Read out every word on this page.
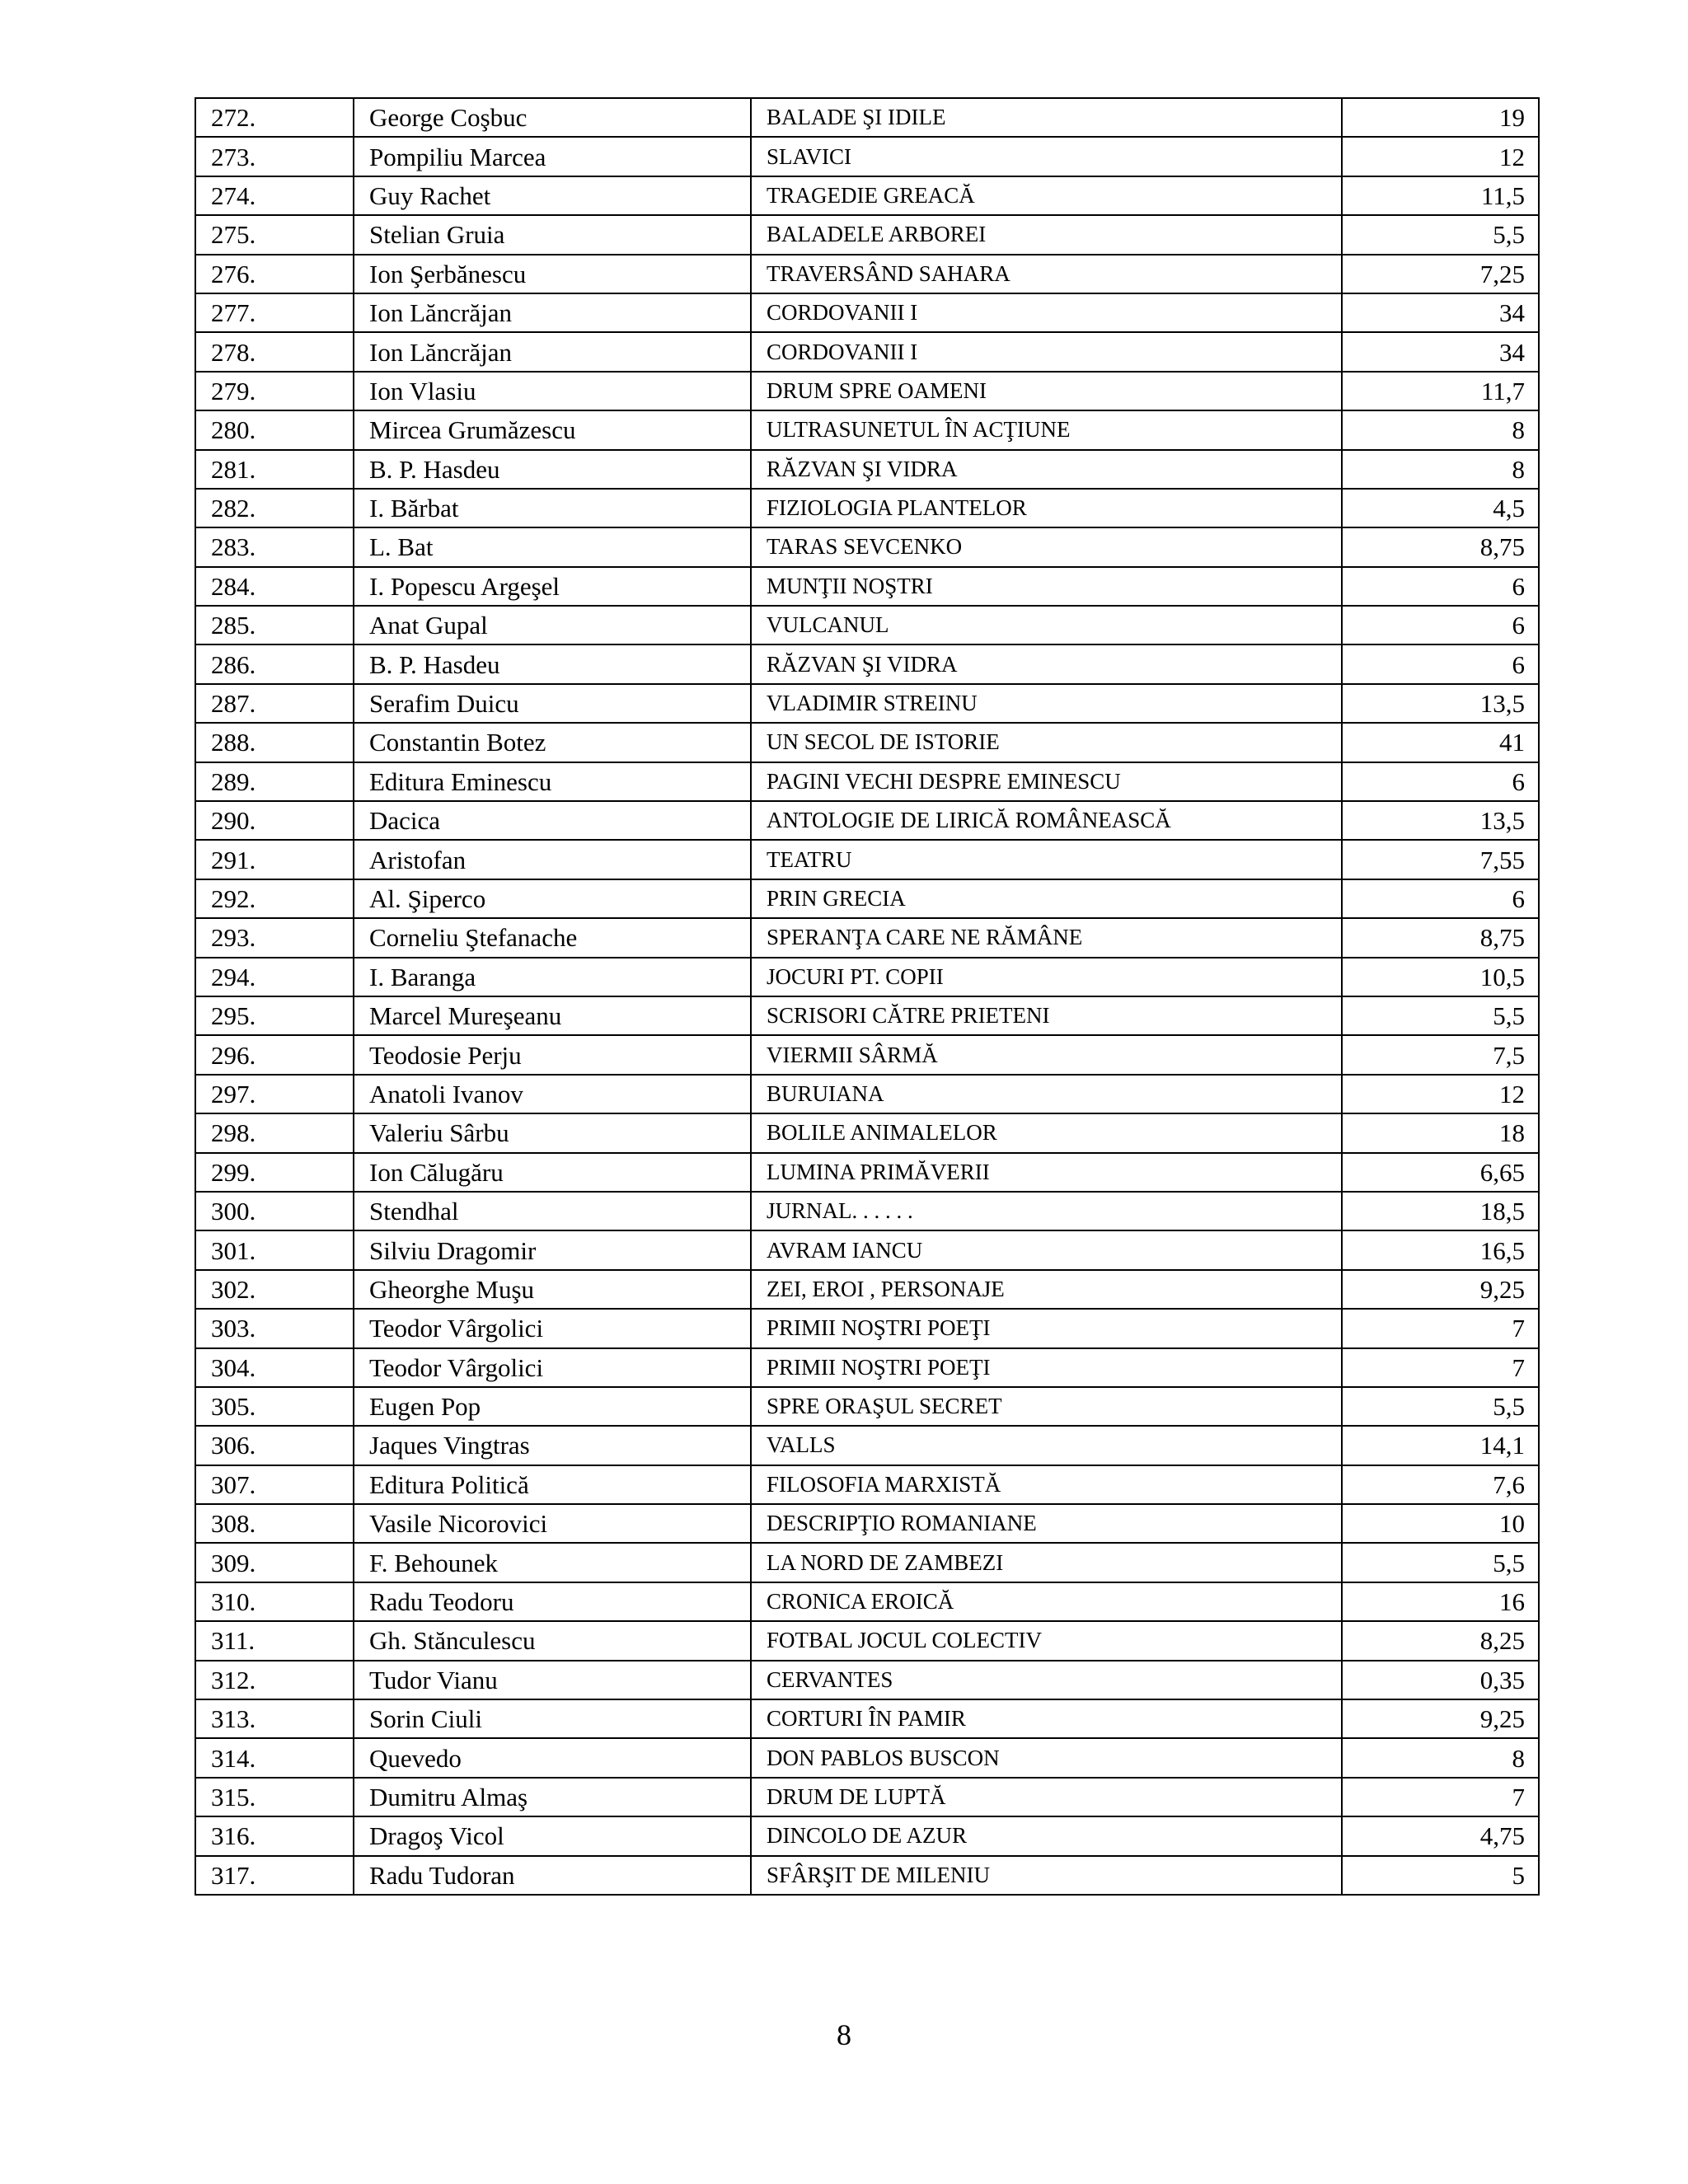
272.	George Coşbuc	BALADE ŞI IDILE	19
273.	Pompiliu Marcea	SLAVICI	12
274.	Guy Rachet	TRAGEDIE GREACĂ	11,5
275.	Stelian Gruia	BALADELE ARBOREI	5,5
276.	Ion Şerbănescu	TRAVERSÂND SAHARA	7,25
277.	Ion Lăncrăjan	CORDOVANII I	34
278.	Ion Lăncrăjan	CORDOVANII I	34
279.	Ion Vlasiu	DRUM SPRE OAMENI	11,7
280.	Mircea Grumăzescu	ULTRASUNETUL ÎN ACŢIUNE	8
281.	B. P. Hasdeu	RĂZVAN ŞI VIDRA	8
282.	I. Bărbat	FIZIOLOGIA PLANTELOR	4,5
283.	L. Bat	TARAS SEVCENKO	8,75
284.	I. Popescu Argeşel	MUNŢII NOŞTRI	6
285.	Anat Gupal	VULCANUL	6
286.	B. P. Hasdeu	RĂZVAN ŞI VIDRA	6
287.	Serafim Duicu	VLADIMIR STREINU	13,5
288.	Constantin Botez	UN SECOL DE ISTORIE	41
289.	Editura Eminescu	PAGINI VECHI DESPRE EMINESCU	6
290.	Dacica	ANTOLOGIE DE LIRICĂ ROMÂNEASCĂ	13,5
291.	Aristofan	TEATRU	7,55
292.	Al. Şiperco	PRIN GRECIA	6
293.	Corneliu Ştefanache	SPERANŢA CARE NE RĂMÂNE	8,75
294.	I. Baranga	JOCURI PT. COPII	10,5
295.	Marcel Mureşeanu	SCRISORI CĂTRE PRIETENI	5,5
296.	Teodosie Perju	VIERMII SÂRMĂ	7,5
297.	Anatoli Ivanov	BURUIANA	12
298.	Valeriu Sârbu	BOLILE ANIMALELOR	18
299.	Ion Călugăru	LUMINA PRIMĂVERII	6,65
300.	Stendhal	JURNAL. . . . . .	18,5
301.	Silviu Dragomir	AVRAM IANCU	16,5
302.	Gheorghe Muşu	ZEI, EROI , PERSONAJE	9,25
303.	Teodor Vârgolici	PRIMII NOŞTRI POEŢI	7
304.	Teodor Vârgolici	PRIMII NOŞTRI POEŢI	7
305.	Eugen Pop	SPRE ORAŞUL SECRET	5,5
306.	Jaques Vingtras	VALLS	14,1
307.	Editura Politică	FILOSOFIA MARXISTĂ	7,6
308.	Vasile Nicorovici	DESCRIPŢIO ROMANIANE	10
309.	F. Behounek	LA NORD DE ZAMBEZI	5,5
310.	Radu Teodoru	CRONICA EROICĂ	16
311.	Gh. Stănculescu	FOTBAL JOCUL COLECTIV	8,25
312.	Tudor Vianu	CERVANTES	0,35
313.	Sorin Ciuli	CORTURI ÎN PAMIR	9,25
314.	Quevedo	DON PABLOS BUSCON	8
315.	Dumitru Almaş	DRUM DE LUPTĂ	7
316.	Dragoş Vicol	DINCOLO DE AZUR	4,75
317.	Radu Tudoran	SFÂRŞIT DE MILENIU	5
8
